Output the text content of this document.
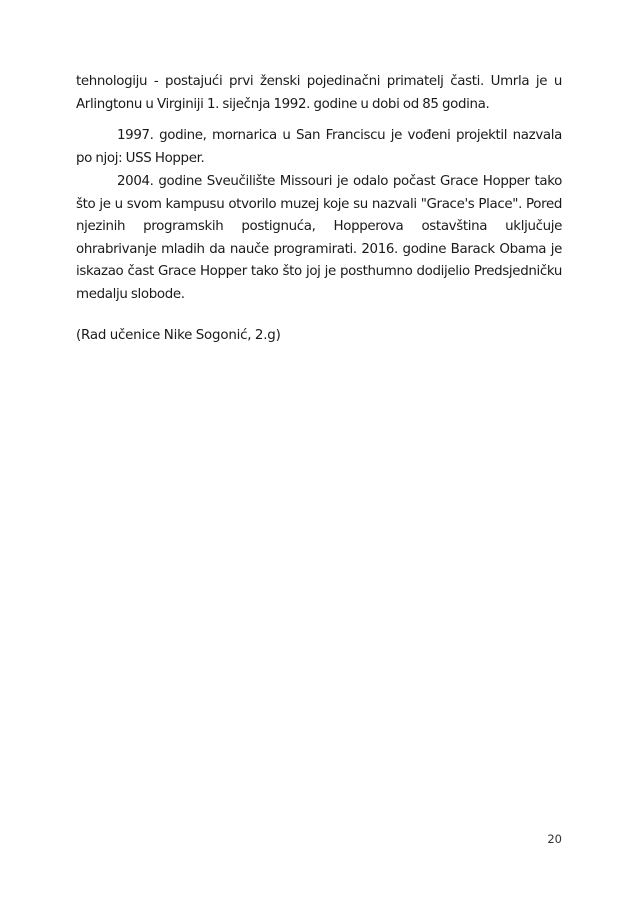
tehnologiju - postajući prvi ženski pojedinačni primatelj časti. Umrla je u Arlingtonu u Virginiji 1. siječnja 1992. godine u dobi od 85 godina.

1997. godine, mornarica u San Franciscu je vođeni projektil nazvala po njoj: USS Hopper.

2004. godine Sveučilište Missouri je odalo počast Grace Hopper tako što je u svom kampusu otvorilo muzej koje su nazvali "Grace's Place". Pored njezinih programskih postignuća, Hopperova ostavština uključuje ohrabrivanje mladih da nauče programirati. 2016. godine Barack Obama je iskazao čast Grace Hopper tako što joj je posthumno dodijelio Predsjedničku medalju slobode.

(Rad učenice Nike Sogonić, 2.g)

20
